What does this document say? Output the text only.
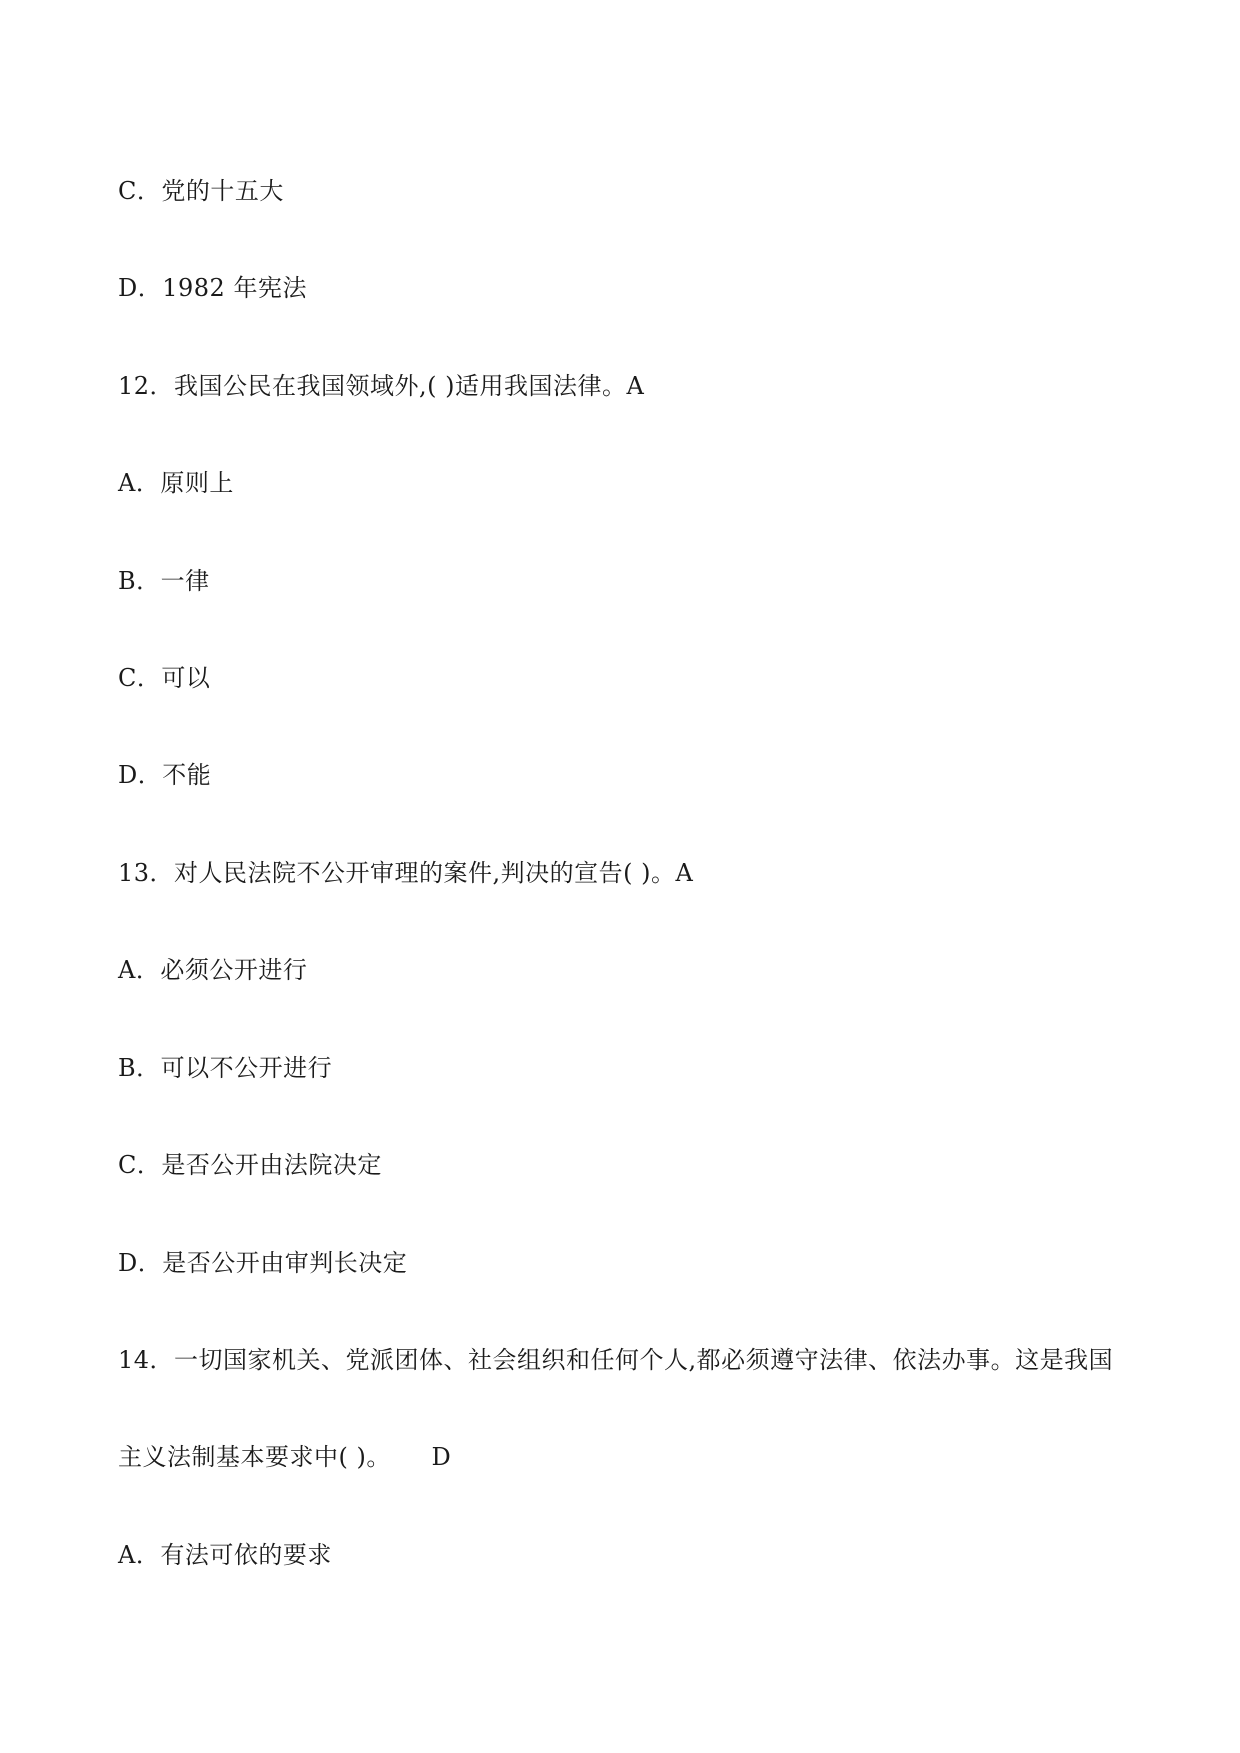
C．党的十五大
D．1982 年宪法
12．我国公民在我国领域外,( )适用我国法律。A
A．原则上
B．一律
C．可以
D．不能
13．对人民法院不公开审理的案件,判决的宣告( )。A
A．必须公开进行
B．可以不公开进行
C．是否公开由法院决定
D．是否公开由审判长决定
14．一切国家机关、党派团体、社会组织和任何个人,都必须遵守法律、依法办事。这是我国
主义法制基本要求中( )。     D
A．有法可依的要求
